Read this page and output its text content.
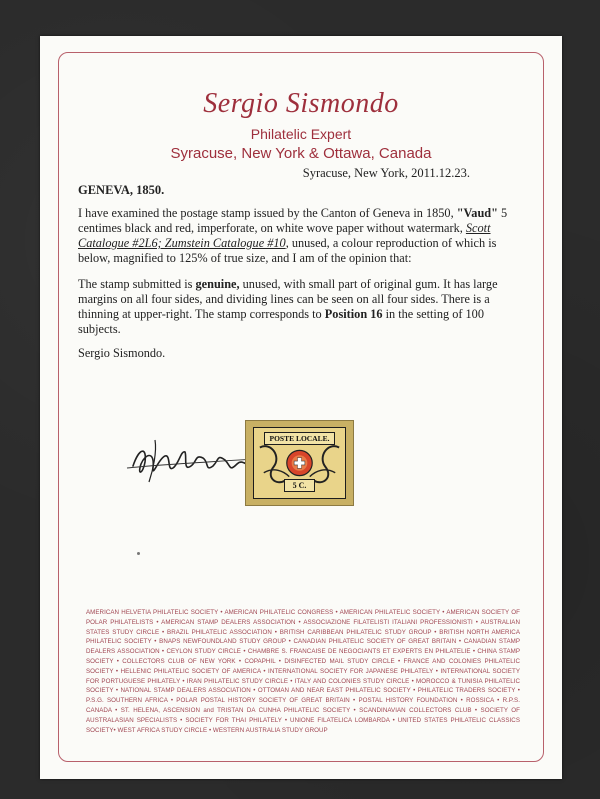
Sergio Sismondo
Philatelic Expert
Syracuse, New York & Ottawa, Canada
Syracuse, New York, 2011.12.23.
GENEVA, 1850.
I have examined the postage stamp issued by the Canton of Geneva in 1850, "Vaud" 5 centimes black and red, imperforate, on white wove paper without watermark, Scott Catalogue #2L6; Zumstein Catalogue #10, unused, a colour reproduction of which is below, magnified to 125% of true size, and I am of the opinion that:
The stamp submitted is genuine, unused, with small part of original gum. It has large margins on all four sides, and dividing lines can be seen on all four sides. There is a thinning at upper-right. The stamp corresponds to Position 16 in the setting of 100 subjects.
Sergio Sismondo.
POSTE LOCALE.
5 C.
AMERICAN HELVETIA PHILATELIC SOCIETY • AMERICAN PHILATELIC CONGRESS • AMERICAN PHILATELIC SOCIETY • AMERICAN SOCIETY OF POLAR PHILATELISTS • AMERICAN STAMP DEALERS ASSOCIATION • ASSOCIAZIONE FILATELISTI ITALIANI PROFESSIONISTI • AUSTRALIAN STATES STUDY CIRCLE • BRAZIL PHILATELIC ASSOCIATION • BRITISH CARIBBEAN PHILATELIC STUDY GROUP • BRITISH NORTH AMERICA PHILATELIC SOCIETY • BNAPS NEWFOUNDLAND STUDY GROUP • CANADIAN PHILATELIC SOCIETY OF GREAT BRITAIN • CANADIAN STAMP DEALERS ASSOCIATION • CEYLON STUDY CIRCLE • CHAMBRE S. FRANCAISE DE NEGOCIANTS ET EXPERTS EN PHILATELIE • CHINA STAMP SOCIETY • COLLECTORS CLUB OF NEW YORK • COPAPHIL • DISINFECTED MAIL STUDY CIRCLE • FRANCE AND COLONIES PHILATELIC SOCIETY • HELLENIC PHILATELIC SOCIETY OF AMERICA • INTERNATIONAL SOCIETY FOR JAPANESE PHILATELY • INTERNATIONAL SOCIETY FOR PORTUGUESE PHILATELY • IRAN PHILATELIC STUDY CIRCLE • ITALY AND COLONIES STUDY CIRCLE • MOROCCO & TUNISIA PHILATELIC SOCIETY • NATIONAL STAMP DEALERS ASSOCIATION • OTTOMAN AND NEAR EAST PHILATELIC SOCIETY • PHILATELIC TRADERS SOCIETY • P.S.G. SOUTHERN AFRICA • POLAR POSTAL HISTORY SOCIETY OF GREAT BRITAIN • POSTAL HISTORY FOUNDATION • ROSSICA • R.P.S. CANADA • ST. HELENA, ASCENSION and TRISTAN DA CUNHA PHILATELIC SOCIETY • SCANDINAVIAN COLLECTORS CLUB • SOCIETY OF AUSTRALASIAN SPECIALISTS • SOCIETY FOR THAI PHILATELY • UNIONE FILATELICA LOMBARDA • UNITED STATES PHILATELIC CLASSICS SOCIETY• WEST AFRICA STUDY CIRCLE • WESTERN AUSTRALIA STUDY GROUP
